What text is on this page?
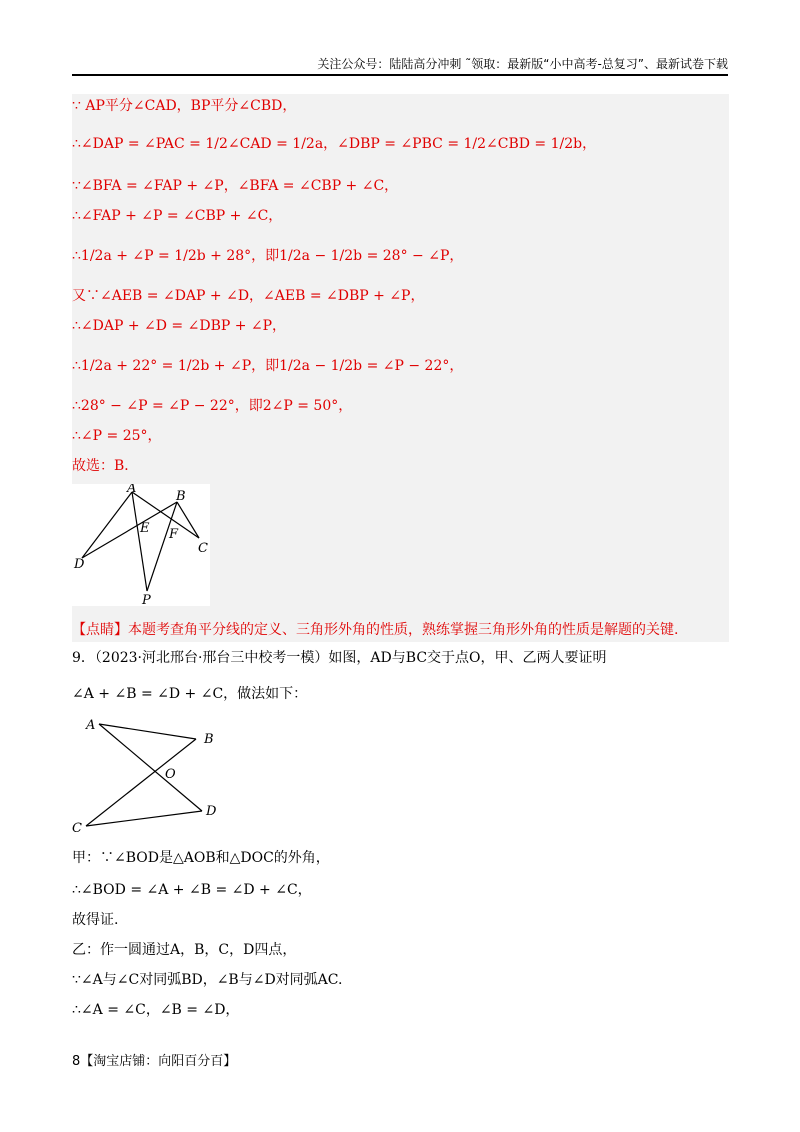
关注公众号：陆陆高分冲刺 ˜领取：最新版“小中高考-总复习”、最新试卷下载
∵ AP平分∠CAD，BP平分∠CBD，
∴∠DAP = ∠PAC = 1/2∠CAD = 1/2a，∠DBP = ∠PBC = 1/2∠CBD = 1/2b，
∵∠BFA = ∠FAP + ∠P，∠BFA = ∠CBP + ∠C，
∴∠FAP + ∠P = ∠CBP + ∠C，
∴1/2a + ∠P = 1/2b + 28°，即1/2a − 1/2b = 28° − ∠P，
又∵∠AEB = ∠DAP + ∠D，∠AEB = ∠DBP + ∠P，
∴∠DAP + ∠D = ∠DBP + ∠P，
∴1/2a + 22° = 1/2b + ∠P，即1/2a − 1/2b = ∠P − 22°，
∴28° − ∠P = ∠P − 22°，即2∠P = 50°，
∴∠P = 25°，
故选：B．
A
B
E F
C
D
P
【点睛】本题考查角平分线的定义、三角形外角的性质，熟练掌握三角形外角的性质是解题的关键.
9．（2023·河北邢台·邢台三中校考一模）如图，AD与BC交于点O，甲、乙两人要证明
∠A + ∠B = ∠D + ∠C，做法如下：
A
B
O
C
D
甲：∵∠BOD是△AOB和△DOC的外角，
∴∠BOD = ∠A + ∠B = ∠D + ∠C，
故得证.
乙：作一圆通过A，B，C，D四点，
∵∠A与∠C对同弧BD，∠B与∠D对同弧AC.
∴∠A = ∠C，∠B = ∠D，
8【淘宝店铺：向阳百分百】
